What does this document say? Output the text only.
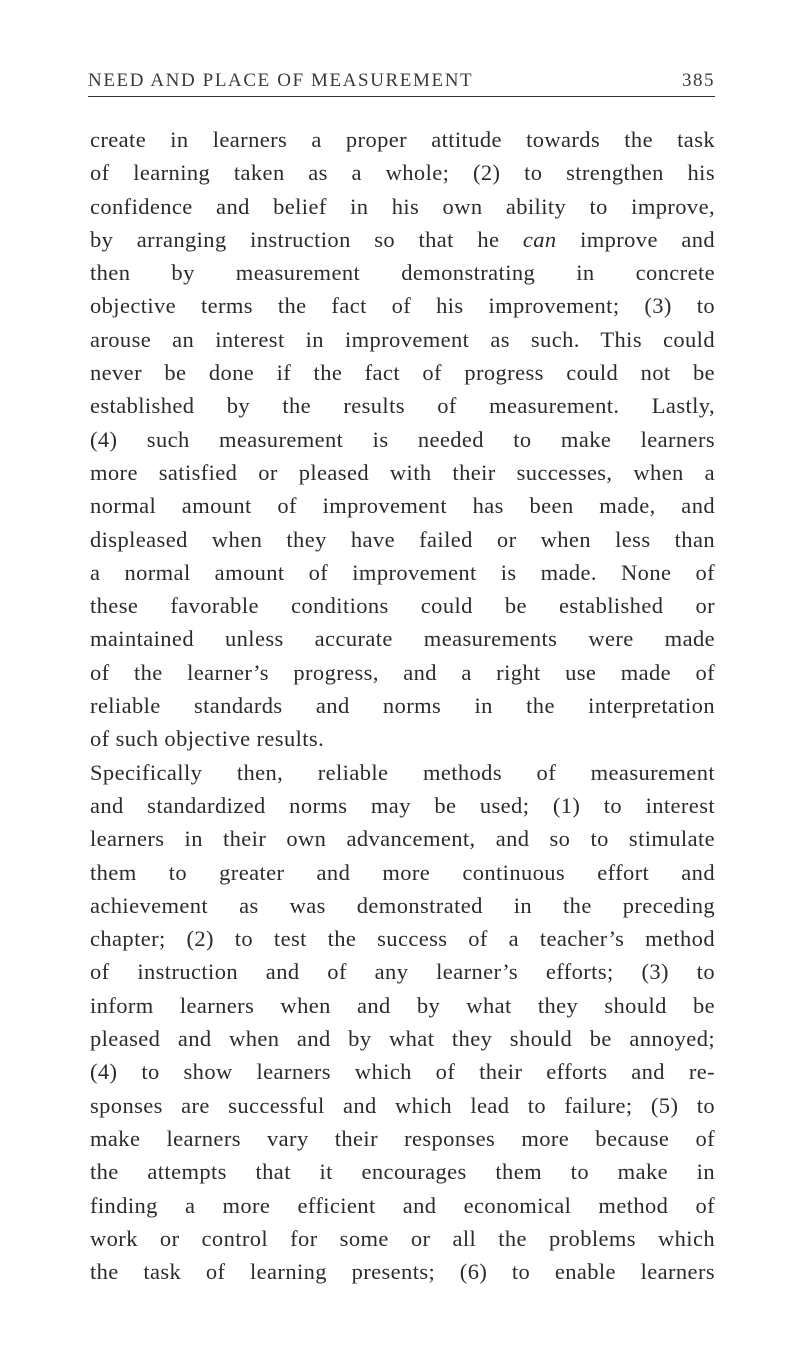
NEED AND PLACE OF MEASUREMENT	385

create in learners a proper attitude towards the task
of learning taken as a whole; (2) to strengthen his
confidence and belief in his own ability to improve,
by arranging instruction so that he can improve and
then by measurement demonstrating in concrete
objective terms the fact of his improvement; (3) to
arouse an interest in improvement as such. This could
never be done if the fact of progress could not be
established by the results of measurement. Lastly,
(4) such measurement is needed to make learners
more satisfied or pleased with their successes, when a
normal amount of improvement has been made, and
displeased when they have failed or when less than
a normal amount of improvement is made. None of
these favorable conditions could be established or
maintained unless accurate measurements were made
of the learner’s progress, and a right use made of
reliable standards and norms in the interpretation
of such objective results.

Specifically then, reliable methods of measurement
and standardized norms may be used; (1) to interest
learners in their own advancement, and so to stimulate
them to greater and more continuous effort and
achievement as was demonstrated in the preceding
chapter; (2) to test the success of a teacher’s method
of instruction and of any learner’s efforts; (3) to
inform learners when and by what they should be
pleased and when and by what they should be annoyed;
(4) to show learners which of their efforts and re-
sponses are successful and which lead to failure; (5) to
make learners vary their responses more because of
the attempts that it encourages them to make in
finding a more efficient and economical method of
work or control for some or all the problems which
the task of learning presents; (6) to enable learners
